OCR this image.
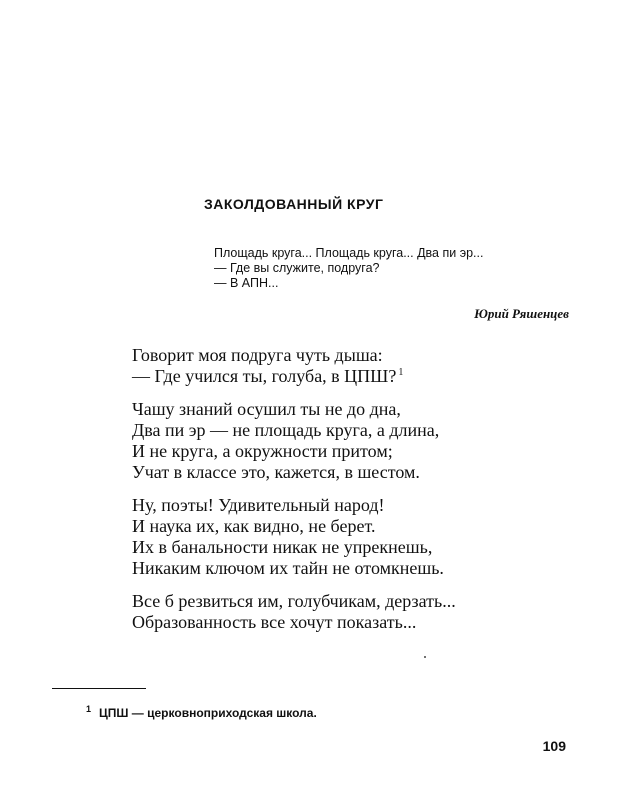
ЗАКОЛДОВАННЫЙ КРУГ
Площадь круга... Площадь круга... Два пи эр...
— Где вы служите, подруга?
— В АПН...
Юрий Ряшенцев
Говорит моя подруга чуть дыша:
— Где учился ты, голуба, в ЦПШ? $^1$
Чашу знаний осушил ты не до дна,
Два пи эр — не площадь круга, а длина,
И не круга, а окружности притом;
Учат в классе это, кажется, в шестом.
Ну, поэты! Удивительный народ!
И наука их, как видно, не берет.
Их в банальности никак не упрекнешь,
Никаким ключом их тайн не отомкнешь.
Все б резвиться им, голубчикам, дерзать...
Образованность все хочут показать...
$^1$ ЦПШ — церковноприходская школа.
109
